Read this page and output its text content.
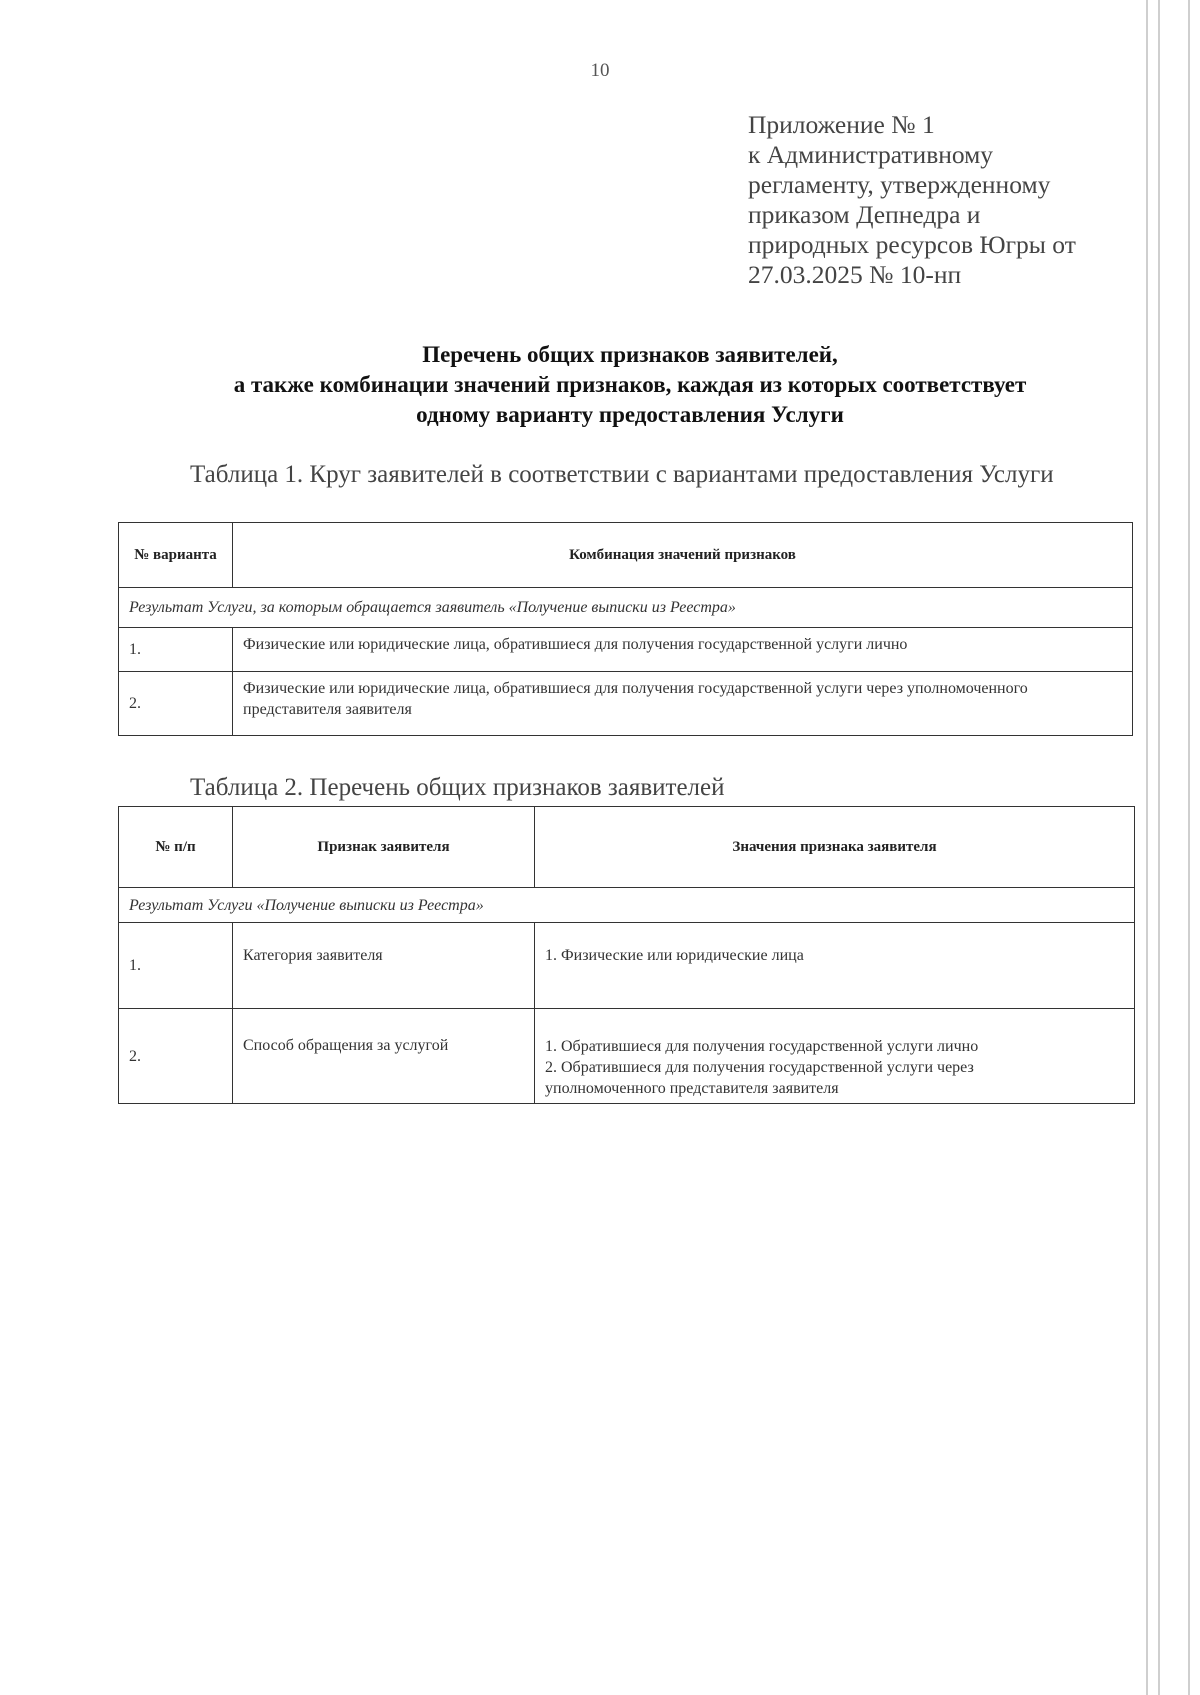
10
Приложение № 1
к Административному
регламенту, утвержденному
приказом Депнедра и
природных ресурсов Югры от
27.03.2025 № 10-нп
Перечень общих признаков заявителей,
а также комбинации значений признаков, каждая из которых соответствует
одному варианту предоставления Услуги
Таблица 1. Круг заявителей в соответствии с вариантами предоставления Услуги
№ варианта	Комбинация значений признаков
Результат Услуги, за которым обращается заявитель «Получение выписки из Реестра»	
1.	Физические или юридические лица, обратившиеся для получения государственной услуги лично
2.	Физические или юридические лица, обратившиеся для получения государственной услуги через уполномоченного представителя заявителя
Таблица 2. Перечень общих признаков заявителей
№ п/п	Признак заявителя	Значения признака заявителя
Результат Услуги «Получение выписки из Реестра»		
1.	Категория заявителя	1. Физические или юридические лица

2.	Способ обращения за услугой	1. Обратившиеся для получения государственной услуги лично
2. Обратившиеся для получения государственной услуги через
уполномоченного представителя заявителя
